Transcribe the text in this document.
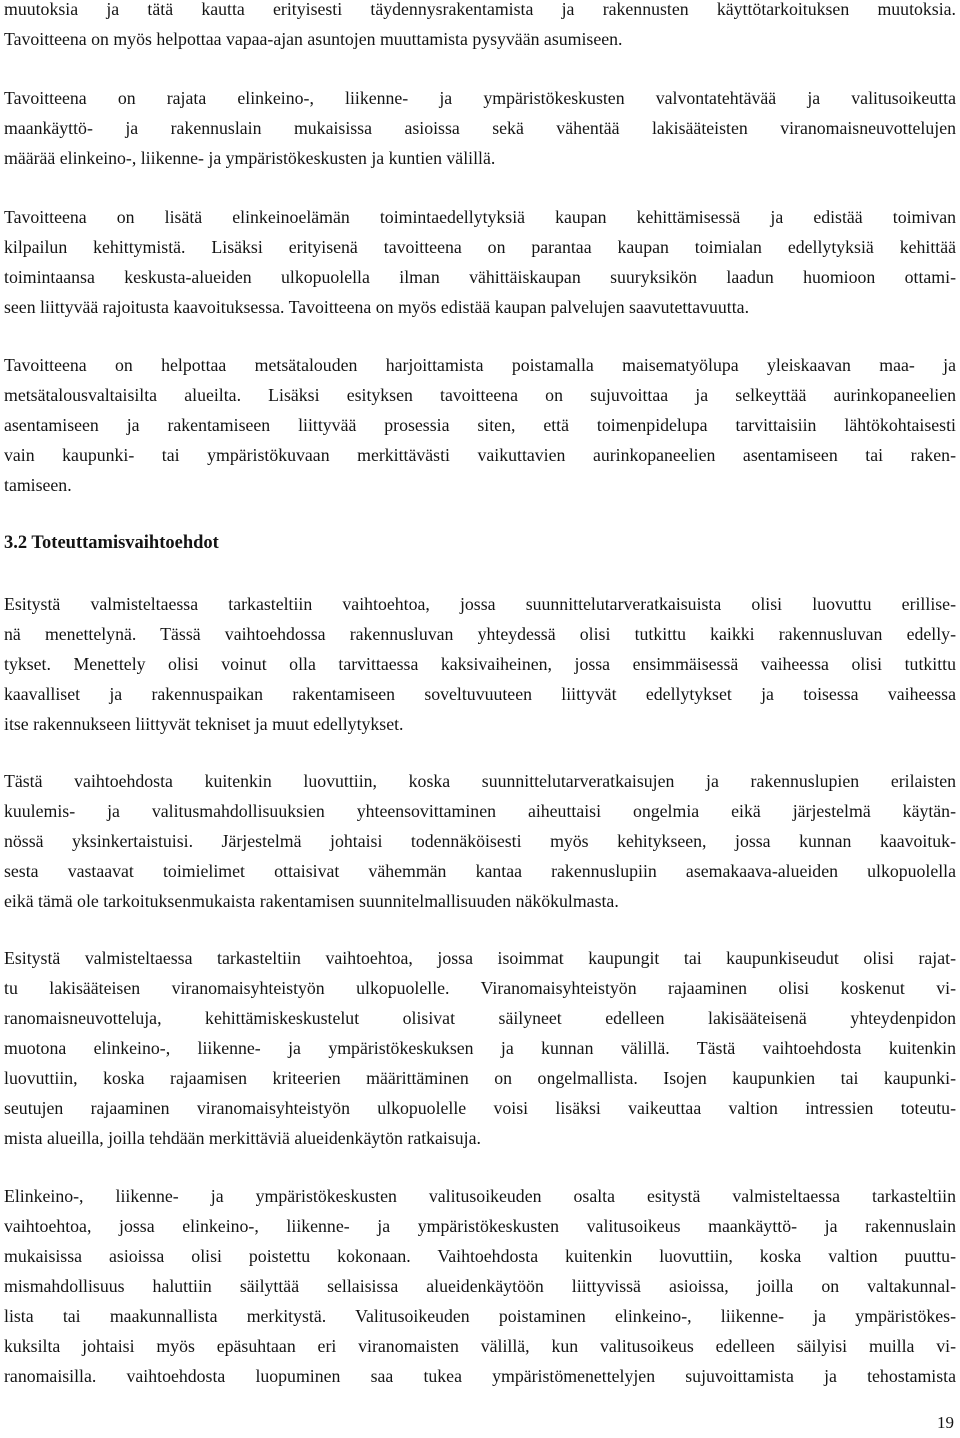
muutoksia ja tätä kautta erityisesti täydennysrakentamista ja rakennusten käyttötarkoituksen muutoksia.
Tavoitteena on myös helpottaa vapaa-ajan asuntojen muuttamista pysyvään asumiseen.

Tavoitteena on rajata elinkeino-, liikenne- ja ympäristökeskusten valvontatehtävää ja valitusoikeutta
maankäyttö- ja rakennuslain mukaisissa asioissa sekä vähentää lakisääteisten viranomaisneuvottelujen
määrää elinkeino-, liikenne- ja ympäristökeskusten ja kuntien välillä.

Tavoitteena on lisätä elinkeinoelämän toimintaedellytyksiä kaupan kehittämisessä ja edistää toimivan
kilpailun kehittymistä. Lisäksi erityisenä tavoitteena on parantaa kaupan toimialan edellytyksiä kehittää
toimintaansa keskusta-alueiden ulkopuolella ilman vähittäiskaupan suuryksikön laadun huomioon ottami-
seen liittyvää rajoitusta kaavoituksessa. Tavoitteena on myös edistää kaupan palvelujen saavutettavuutta.

Tavoitteena on helpottaa metsätalouden harjoittamista poistamalla maisematyölupa yleiskaavan maa- ja
metsätalousvaltaisilta alueilta. Lisäksi esityksen tavoitteena on sujuvoittaa ja selkeyttää aurinkopaneelien
asentamiseen ja rakentamiseen liittyvää prosessia siten, että toimenpidelupa tarvittaisiin lähtökohtaisesti
vain kaupunki- tai ympäristökuvaan merkittävästi vaikuttavien aurinkopaneelien asentamiseen tai raken-
tamiseen.

3.2 Toteuttamisvaihtoehdot

Esitystä valmisteltaessa tarkasteltiin vaihtoehtoa, jossa suunnittelutarveratkaisuista olisi luovuttu erillise-
nä menettelynä. Tässä vaihtoehdossa rakennusluvan yhteydessä olisi tutkittu kaikki rakennusluvan edelly-
tykset. Menettely olisi voinut olla tarvittaessa kaksivaiheinen, jossa ensimmäisessä vaiheessa olisi tutkittu
kaavalliset ja rakennuspaikan rakentamiseen soveltuvuuteen liittyvät edellytykset ja toisessa vaiheessa
itse rakennukseen liittyvät tekniset ja muut edellytykset.

Tästä vaihtoehdosta kuitenkin luovuttiin, koska suunnittelutarveratkaisujen ja rakennuslupien erilaisten
kuulemis- ja valitusmahdollisuuksien yhteensovittaminen aiheuttaisi ongelmia eikä järjestelmä käytän-
nössä yksinkertaistuisi. Järjestelmä johtaisi todennäköisesti myös kehitykseen, jossa kunnan kaavoituk-
sesta vastaavat toimielimet ottaisivat vähemmän kantaa rakennuslupiin asemakaava-alueiden ulkopuolella
eikä tämä ole tarkoituksenmukaista rakentamisen suunnitelmallisuuden näkökulmasta.

Esitystä valmisteltaessa tarkasteltiin vaihtoehtoa, jossa isoimmat kaupungit tai kaupunkiseudut olisi rajat-
tu lakisääteisen viranomaisyhteistyön ulkopuolelle. Viranomaisyhteistyön rajaaminen olisi koskenut vi-
ranomaisneuvotteluja, kehittämiskeskustelut olisivat säilyneet edelleen lakisääteisenä yhteydenpidon
muotona elinkeino-, liikenne- ja ympäristökeskuksen ja kunnan välillä. Tästä vaihtoehdosta kuitenkin
luovuttiin, koska rajaamisen kriteerien määrittäminen on ongelmallista. Isojen kaupunkien tai kaupunki-
seutujen rajaaminen viranomaisyhteistyön ulkopuolelle voisi lisäksi vaikeuttaa valtion intressien toteutu-
mista alueilla, joilla tehdään merkittäviä alueidenkäytön ratkaisuja.

Elinkeino-, liikenne- ja ympäristökeskusten valitusoikeuden osalta esitystä valmisteltaessa tarkasteltiin
vaihtoehtoa, jossa elinkeino-, liikenne- ja ympäristökeskusten valitusoikeus maankäyttö- ja rakennuslain
mukaisissa asioissa olisi poistettu kokonaan. Vaihtoehdosta kuitenkin luovuttiin, koska valtion puuttu-
mismahdollisuus haluttiin säilyttää sellaisissa alueidenkäytöön liittyvissä asioissa, joilla on valtakunnal-
lista tai maakunnallista merkitystä. Valitusoikeuden poistaminen elinkeino-, liikenne- ja ympäristökes-
kuksilta johtaisi myös epäsuhtaan eri viranomaisten välillä, kun valitusoikeus edelleen säilyisi muilla vi-
ranomaisilla. vaihtoehdosta luopuminen saa tukea ympäristömenettelyjen sujuvoittamista ja tehostamista

19
